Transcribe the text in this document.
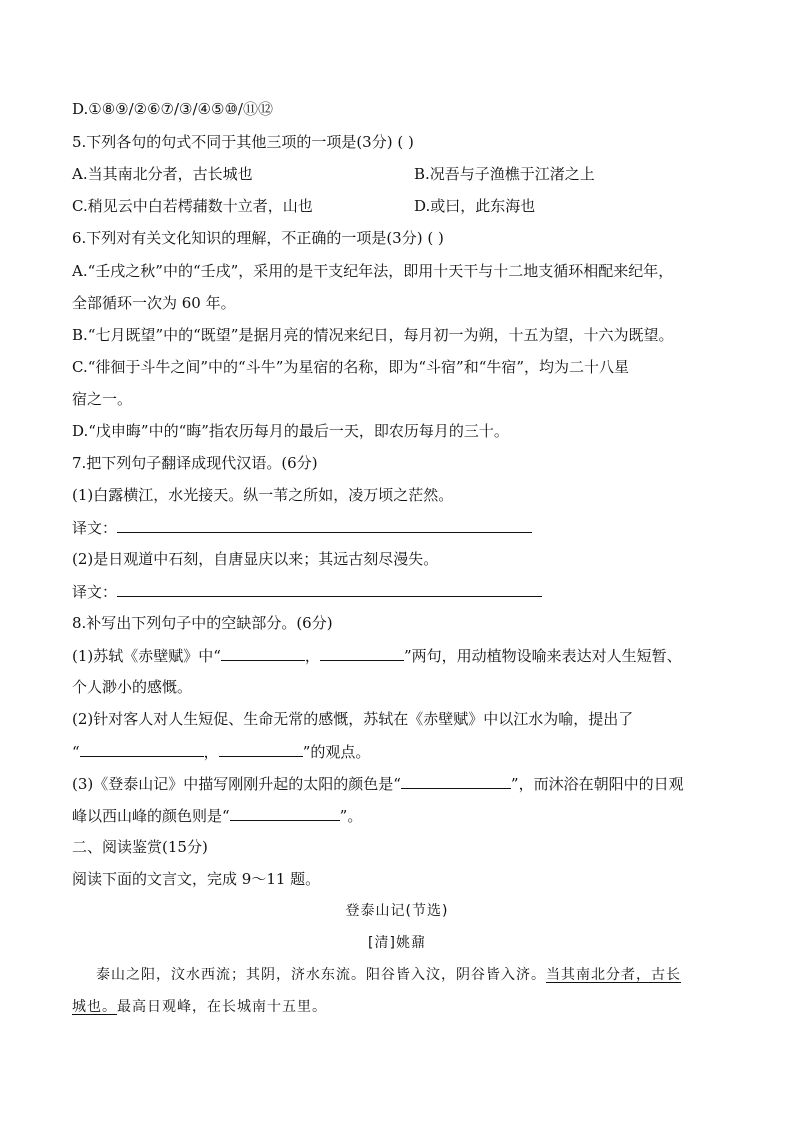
D.①⑧⑨/②⑥⑦/③/④⑤⑩/⑪⑫
5.下列各句的句式不同于其他三项的一项是(3分) ( )
A.当其南北分者，古长城也	B.况吾与子渔樵于江渚之上
C.稍见云中白若樗蒱数十立者，山也	D.或曰，此东海也
6.下列对有关文化知识的理解，不正确的一项是(3分) ( )
A.“壬戌之秋”中的“壬戌”，采用的是干支纪年法，即用十天干与十二地支循环相配来纪年，
全部循环一次为 60 年。
B.“七月既望”中的“既望”是据月亮的情况来纪日，每月初一为朔，十五为望，十六为既望。
C.“徘徊于斗牛之间”中的“斗牛”为星宿的名称，即为“斗宿”和“牛宿”，均为二十八星
宿之一。
D.“戊申晦”中的“晦”指农历每月的最后一天，即农历每月的三十。
7.把下列句子翻译成现代汉语。(6分)
(1)白露横江，水光接天。纵一苇之所如，凌万顷之茫然。
译文：
(2)是日观道中石刻，自唐显庆以来；其远古刻尽漫失。
译文：
8.补写出下列句子中的空缺部分。(6分)
(1)苏轼《赤壁赋》中“	，	”两句，用动植物设喻来表达对人生短暂、
个人渺小的感慨。
(2)针对客人对人生短促、生命无常的感慨，苏轼在《赤壁赋》中以江水为喻，提出了
“	，	”的观点。
(3)《登泰山记》中描写刚刚升起的太阳的颜色是“	”，而沐浴在朝阳中的日观
峰以西山峰的颜色则是“	”。
二、阅读鉴赏(15分)
阅读下面的文言文，完成 9～11 题。
登泰山记(节选)
[清]姚鼐
泰山之阳，汶水西流；其阴，济水东流。阳谷皆入汶，阴谷皆入济。当其南北分者，古长
城也。最高日观峰，在长城南十五里。
